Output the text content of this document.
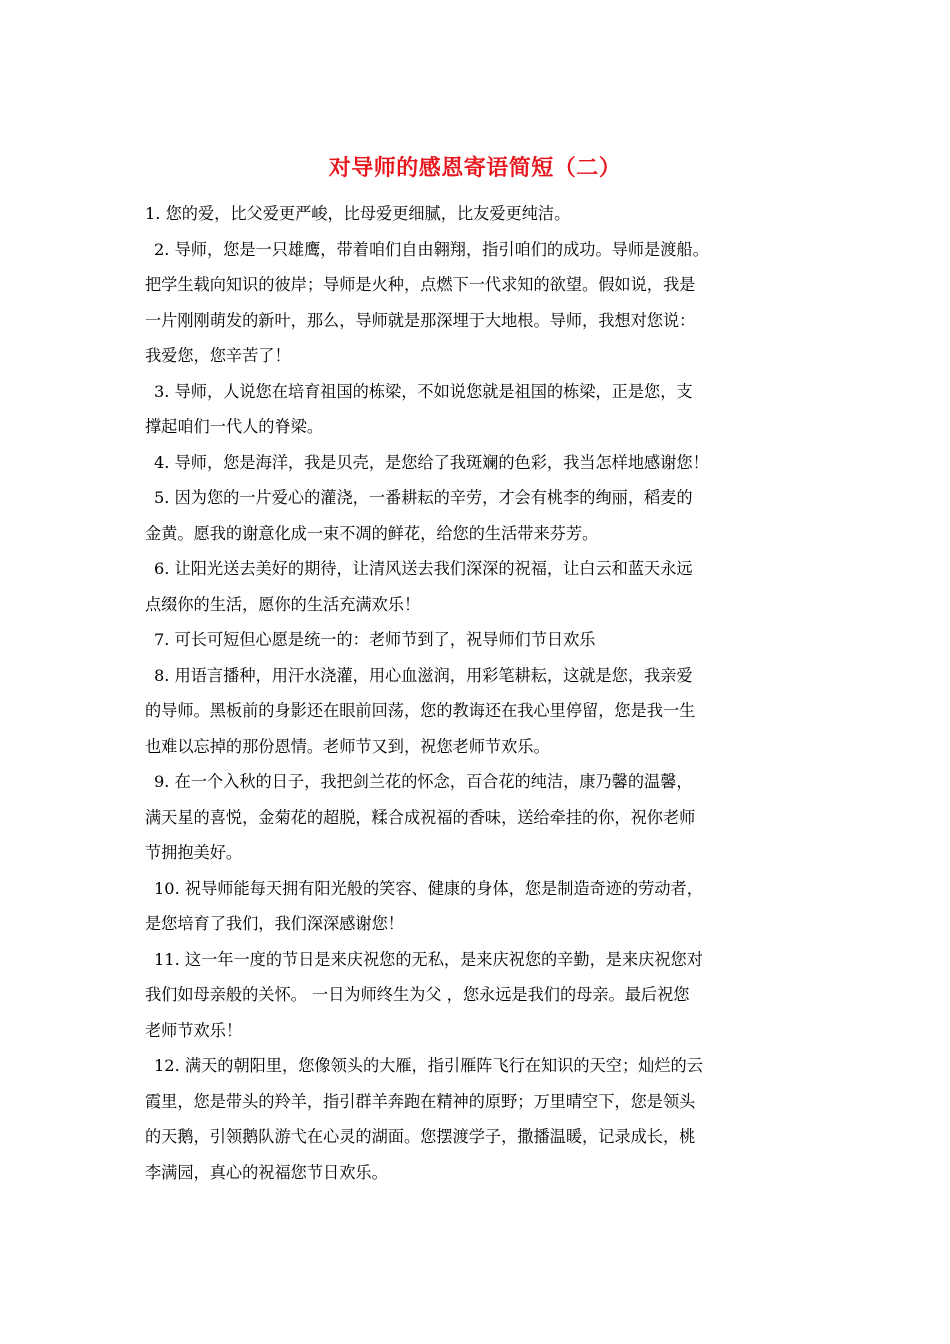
对导师的感恩寄语简短（二）
1. 您的爱，比父爱更严峻，比母爱更细腻，比友爱更纯洁。
2. 导师，您是一只雄鹰，带着咱们自由翱翔，指引咱们的成功。导师是渡船。
把学生载向知识的彼岸；导师是火种，点燃下一代求知的欲望。假如说，我是
一片刚刚萌发的新叶，那么，导师就是那深埋于大地根。导师，我想对您说：
我爱您，您辛苦了！
3. 导师，人说您在培育祖国的栋梁，不如说您就是祖国的栋梁，正是您，支
撑起咱们一代人的脊梁。
4. 导师，您是海洋，我是贝壳，是您给了我斑斓的色彩，我当怎样地感谢您！
5. 因为您的一片爱心的灌浇，一番耕耘的辛劳，才会有桃李的绚丽，稻麦的
金黄。愿我的谢意化成一束不凋的鲜花，给您的生活带来芬芳。
6. 让阳光送去美好的期待，让清风送去我们深深的祝福，让白云和蓝天永远
点缀你的生活，愿你的生活充满欢乐！
7. 可长可短但心愿是统一的：老师节到了，祝导师们节日欢乐
8. 用语言播种，用汗水浇灌，用心血滋润，用彩笔耕耘，这就是您，我亲爱
的导师。黑板前的身影还在眼前回荡，您的教诲还在我心里停留，您是我一生
也难以忘掉的那份恩情。老师节又到，祝您老师节欢乐。
9. 在一个入秋的日子，我把剑兰花的怀念，百合花的纯洁，康乃馨的温馨，
满天星的喜悦，金菊花的超脱，糅合成祝福的香味，送给牵挂的你，祝你老师
节拥抱美好。
10. 祝导师能每天拥有阳光般的笑容、健康的身体，您是制造奇迹的劳动者，
是您培育了我们，我们深深感谢您！
11. 这一年一度的节日是来庆祝您的无私，是来庆祝您的辛勤，是来庆祝您对
我们如母亲般的关怀。 一日为师终生为父 ，您永远是我们的母亲。最后祝您
老师节欢乐！
12. 满天的朝阳里，您像领头的大雁，指引雁阵飞行在知识的天空；灿烂的云
霞里，您是带头的羚羊，指引群羊奔跑在精神的原野；万里晴空下，您是领头
的天鹅，引领鹅队游弋在心灵的湖面。您摆渡学子，撒播温暖，记录成长，桃
李满园，真心的祝福您节日欢乐。
